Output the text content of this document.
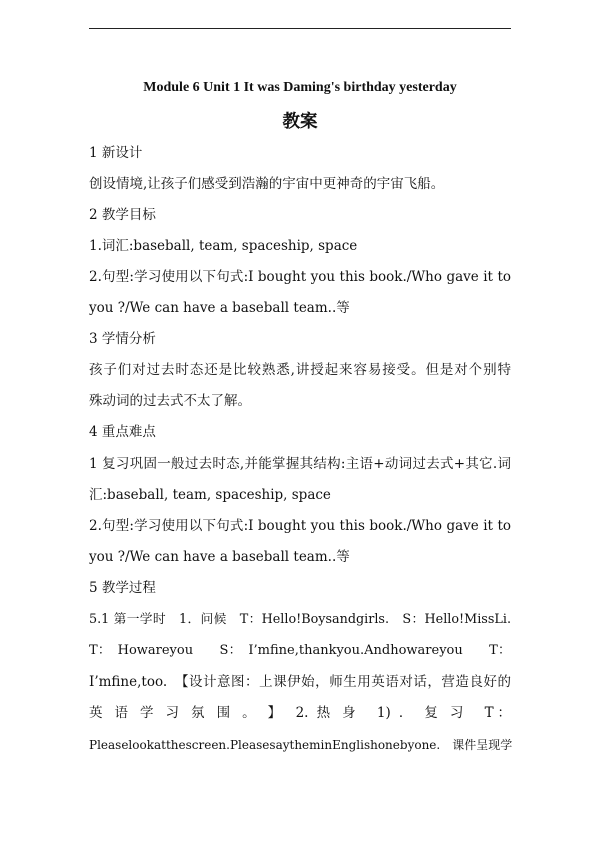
Module 6 Unit 1 It was Daming's birthday yesterday
教案
1 新设计
创设情境,让孩子们感受到浩瀚的宇宙中更神奇的宇宙飞船。
2 教学目标
1.词汇:baseball, team, spaceship, space
2.句型:学习使用以下句式:I bought you this book./Who gave it to
you ?/We can have a baseball team..等
3 学情分析
孩子们对过去时态还是比较熟悉,讲授起来容易接受。但是对个别特
殊动词的过去式不太了解。
4 重点难点
1 复习巩固一般过去时态,并能掌握其结构:主语+动词过去式+其它.词
汇:baseball, team, spaceship, space
2.句型:学习使用以下句式:I bought you this book./Who gave it to
you ?/We can have a baseball team..等
5 教学过程
5.1 第一学时　1．问候　T：Hello!Boysandgirls.　S：Hello!MissLi.
T：　Howareyou　　S：　I’mfine,thankyou.Andhowareyou　　T：
I’mfine,too.　【设计意图：上课伊始，师生用英语对话，营造良好的
英 语 学 习 氛 围 。 】　2. 热 身　1) ． 复 习　T：
Pleaselookatthescreen.PleasesaytheminEnglishonebyone.　课件呈现学
